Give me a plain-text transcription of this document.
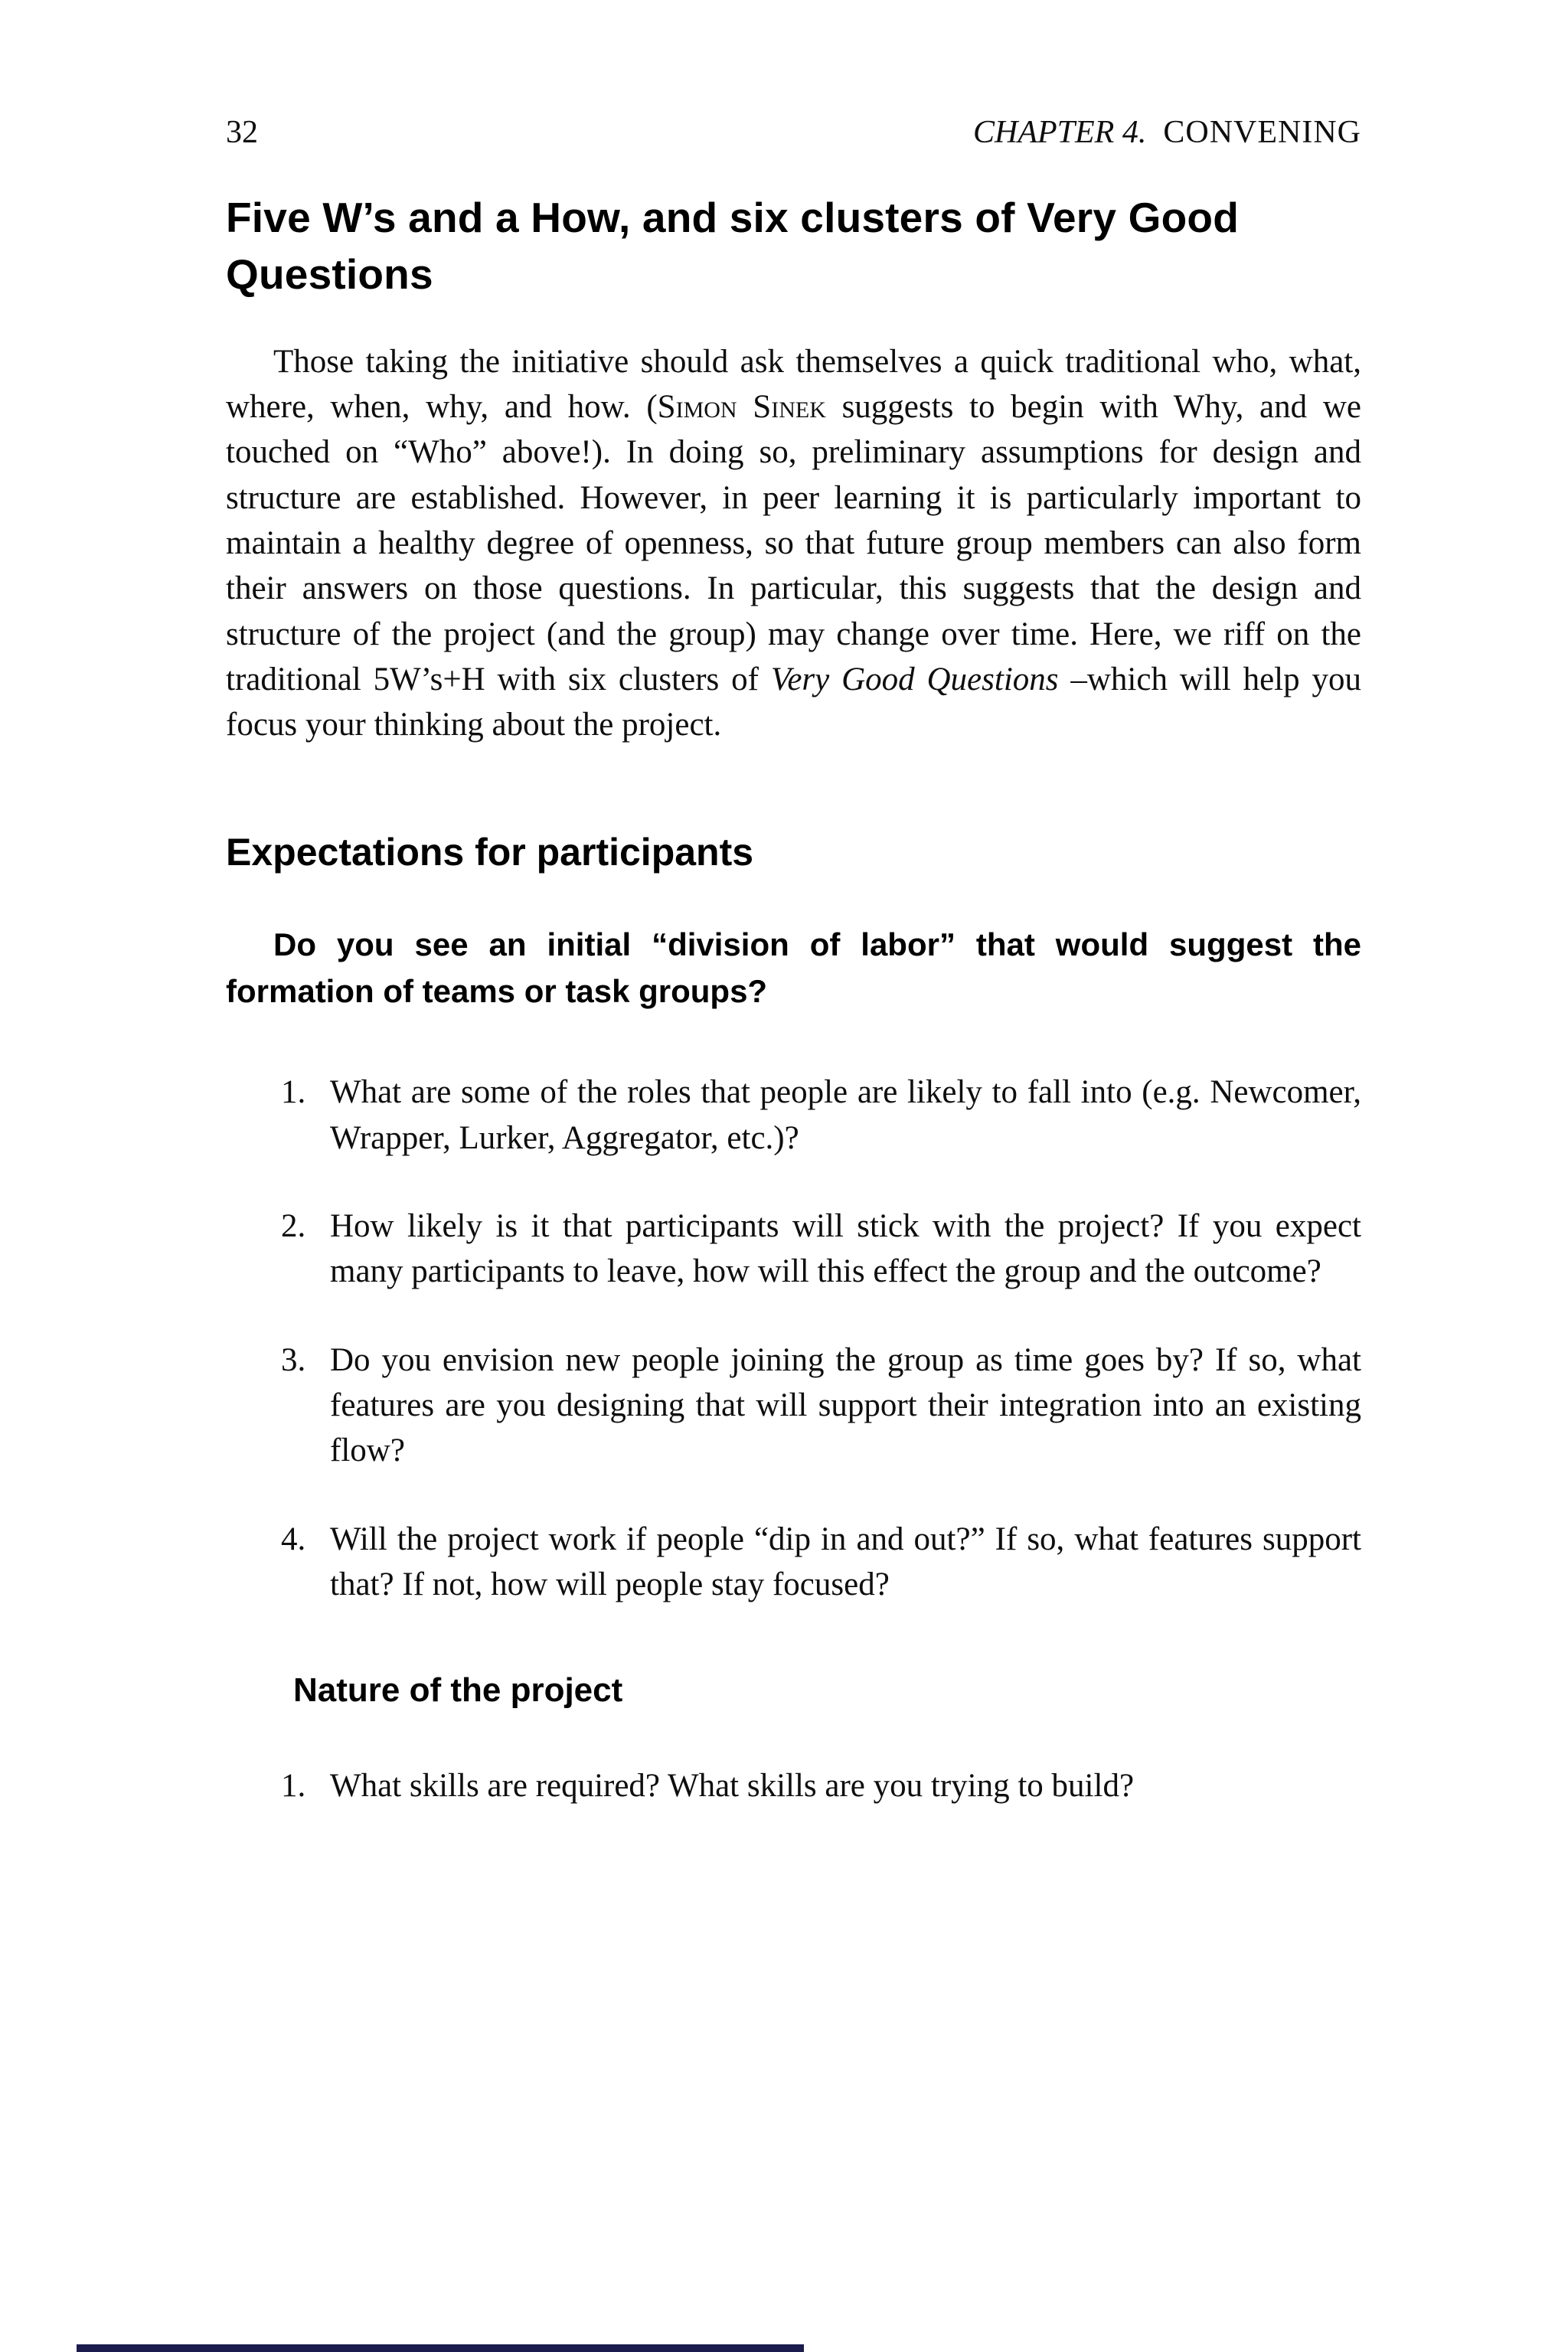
32	CHAPTER 4. CONVENING
Five W’s and a How, and six clusters of Very Good Questions

Those taking the initiative should ask themselves a quick traditional who, what, where, when, why, and how. (Simon Sinek suggests to begin with Why, and we touched on “Who” above!). In doing so, preliminary assumptions for design and structure are established. However, in peer learning it is particularly important to maintain a healthy degree of openness, so that future group members can also form their answers on those questions. In particular, this suggests that the design and structure of the project (and the group) may change over time. Here, we riff on the traditional 5W’s+H with six clusters of Very Good Questions –which will help you focus your thinking about the project.

Expectations for participants

Do you see an initial “division of labor” that would suggest the formation of teams or task groups?

1. What are some of the roles that people are likely to fall into (e.g. Newcomer, Wrapper, Lurker, Aggregator, etc.)?
2. How likely is it that participants will stick with the project? If you expect many participants to leave, how will this effect the group and the outcome?
3. Do you envision new people joining the group as time goes by? If so, what features are you designing that will support their integration into an existing flow?
4. Will the project work if people “dip in and out?” If so, what features support that? If not, how will people stay focused?
Nature of the project
1. What skills are required? What skills are you trying to build?
